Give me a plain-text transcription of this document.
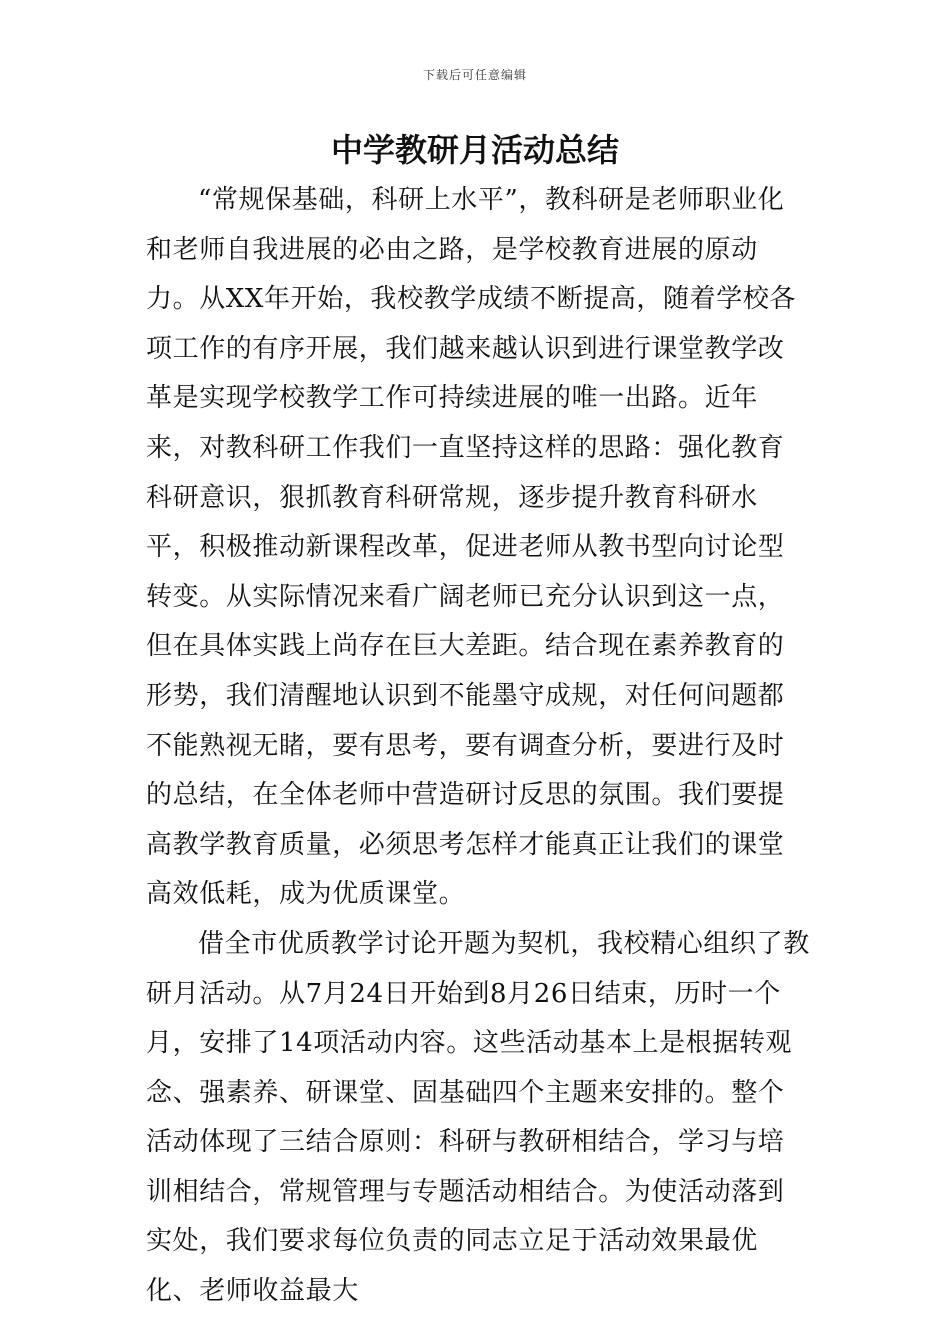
下载后可任意编辑
中学教研月活动总结

“常规保基础，科研上水平”，教科研是老师职业化和老师自我进展的必由之路，是学校教育进展的原动力。从XX年开始，我校教学成绩不断提高，随着学校各项工作的有序开展，我们越来越认识到进行课堂教学改革是实现学校教学工作可持续进展的唯一出路。近年来，对教科研工作我们一直坚持这样的思路：强化教育科研意识，狠抓教育科研常规，逐步提升教育科研水平，积极推动新课程改革，促进老师从教书型向讨论型转变。从实际情况来看广阔老师已充分认识到这一点，但在具体实践上尚存在巨大差距。结合现在素养教育的形势，我们清醒地认识到不能墨守成规，对任何问题都不能熟视无睹，要有思考，要有调查分析，要进行及时的总结，在全体老师中营造研讨反思的氛围。我们要提高教学教育质量，必须思考怎样才能真正让我们的课堂高效低耗，成为优质课堂。

借全市优质教学讨论开题为契机，我校精心组织了教研月活动。从7月24日开始到8月26日结束，历时一个月，安排了14项活动内容。这些活动基本上是根据转观念、强素养、研课堂、固基础四个主题来安排的。整个活动体现了三结合原则：科研与教研相结合，学习与培训相结合，常规管理与专题活动相结合。为使活动落到实处，我们要求每位负责的同志立足于活动效果最优化、老师收益最大
